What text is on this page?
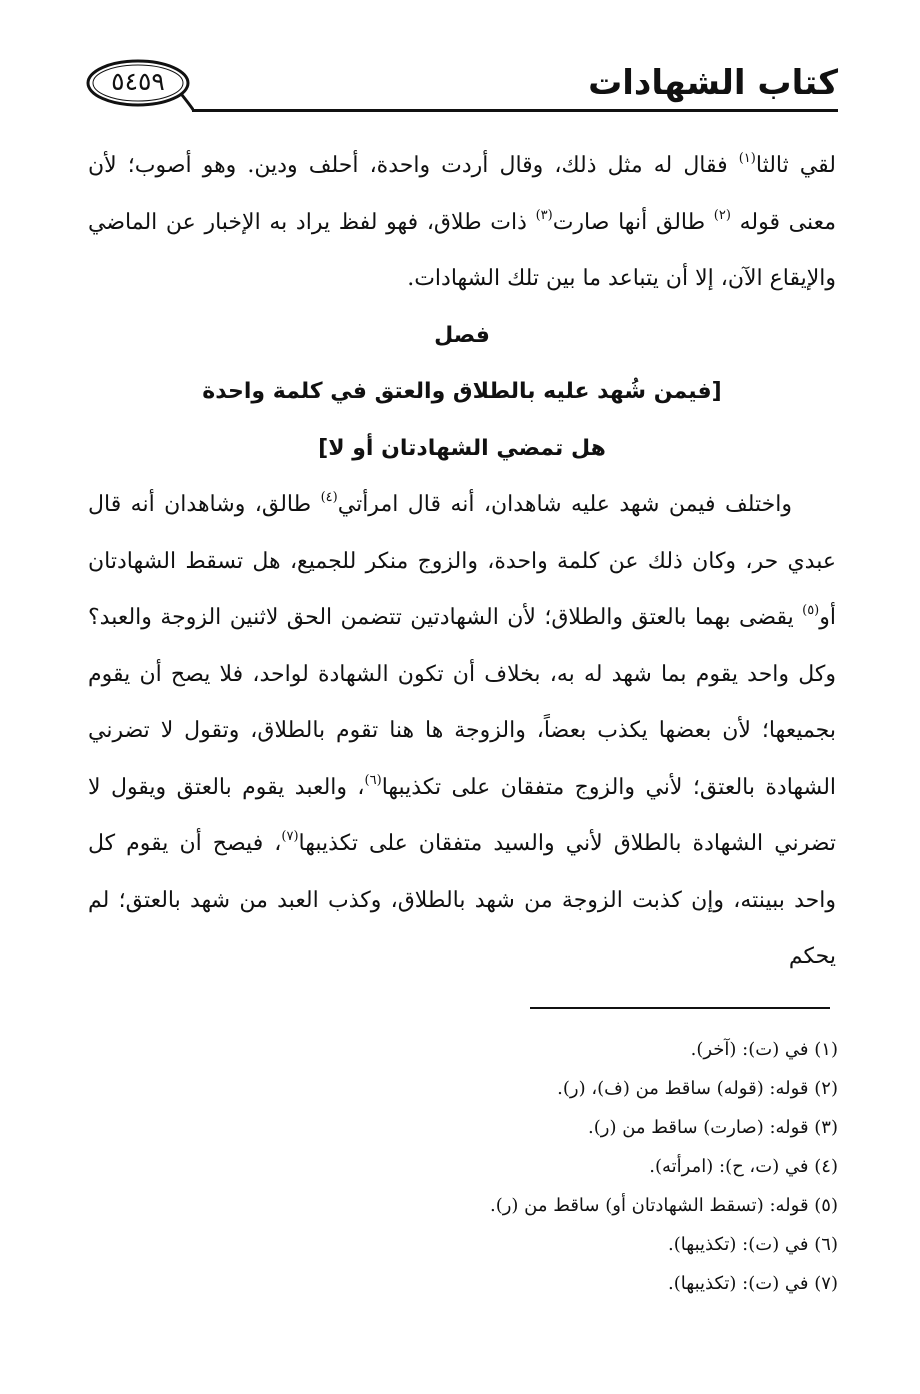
كتاب الشهادات
٥٤٥٩

لقي ثالثا$^{(١)}$ فقال له مثل ذلك، وقال أردت واحدة، أحلف ودين. وهو أصوب؛ لأن معنى قوله $^{(٢)}$ طالق أنها صارت$^{(٣)}$ ذات طلاق، فهو لفظ يراد به الإخبار عن الماضي والإيقاع الآن، إلا أن يتباعد ما بين تلك الشهادات.

فصل

[فيمن شُهد عليه بالطلاق والعتق في كلمة واحدة

هل تمضي الشهادتان أو لا]

واختلف فيمن شهد عليه شاهدان، أنه قال امرأتي$^{(٤)}$ طالق، وشاهدان أنه قال عبدي حر، وكان ذلك عن كلمة واحدة، والزوج منكر للجميع، هل تسقط الشهادتان أو$^{(٥)}$ يقضى بهما بالعتق والطلاق؛ لأن الشهادتين تتضمن الحق لاثنين الزوجة والعبد؟ وكل واحد يقوم بما شهد له به، بخلاف أن تكون الشهادة لواحد، فلا يصح أن يقوم بجميعها؛ لأن بعضها يكذب بعضاً، والزوجة ها هنا تقوم بالطلاق، وتقول لا تضرني الشهادة بالعتق؛ لأني والزوج متفقان على تكذيبها$^{(٦)}$، والعبد يقوم بالعتق ويقول لا تضرني الشهادة بالطلاق لأني والسيد متفقان على تكذيبها$^{(٧)}$، فيصح أن يقوم كل واحد ببينته، وإن كذبت الزوجة من شهد بالطلاق، وكذب العبد من شهد بالعتق؛ لم يحكم

(١) في (ت): (آخر).
(٢) قوله: (قوله) ساقط من (ف)، (ر).
(٣) قوله: (صارت) ساقط من (ر).
(٤) في (ت، ح): (امرأته).
(٥) قوله: (تسقط الشهادتان أو) ساقط من (ر).
(٦) في (ت): (تكذيبها).
(٧) في (ت): (تكذيبها).
